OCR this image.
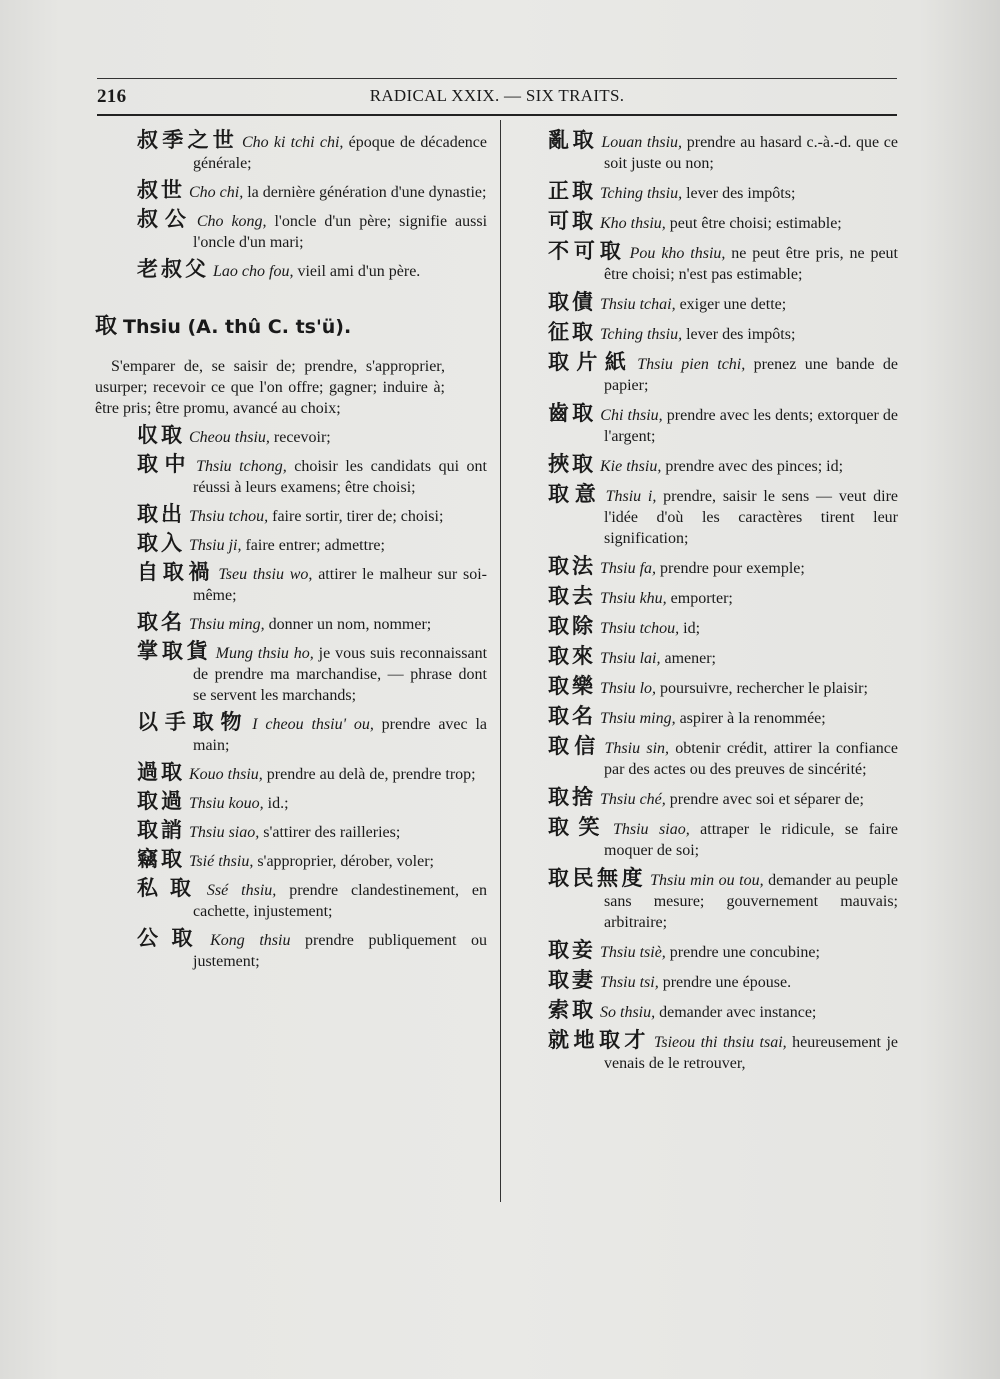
216	RADICAL XXIX. — SIX TRAITS.
叔季之世 Cho ki tchi chi, époque de décadence générale;
叔世 Cho chi, la dernière génération d'une dynastie;
叔公 Cho kong, l'oncle d'un père; signifie aussi l'oncle d'un mari;
老叔父 Lao cho fou, vieil ami d'un père.
取 Thsiu (A. thû C. ts'ü).
S'emparer de, se saisir de; prendre, s'approprier, usurper; recevoir ce que l'on offre; gagner; induire à; être pris; être promu, avancé au choix;
収取 Cheou thsiu, recevoir;
取中 Thsiu tchong, choisir les candidats qui ont réussi à leurs examens; être choisi;
取出 Thsiu tchou, faire sortir, tirer de; choisi;
取入 Thsiu ji, faire entrer; admettre;
自取禍 Tseu thsiu wo, attirer le malheur sur soi-même;
取名 Thsiu ming, donner un nom, nommer;
掌取貨 Mung thsiu ho, je vous suis reconnaissant de prendre ma marchandise, — phrase dont se servent les marchands;
以手取物 I cheou thsiu' ou, prendre avec la main;
過取 Kouo thsiu, prendre au delà de, prendre trop;
取過 Thsiu kouo, id.;
取誚 Thsiu siao, s'attirer des railleries;
竊取 Tsié thsiu, s'approprier, dérober, voler;
私取 Ssé thsiu, prendre clandestinement, en cachette, injustement;
公取 Kong thsiu prendre publiquement ou justement;
亂取 Louan thsiu, prendre au hasard c.-à.-d. que ce soit juste ou non;
正取 Tching thsiu, lever des impôts;
可取 Kho thsiu, peut être choisi; estimable;
不可取 Pou kho thsiu, ne peut être pris, ne peut être choisi; n'est pas estimable;
取債 Thsiu tchai, exiger une dette;
征取 Tching thsiu, lever des impôts;
取片紙 Thsiu pien tchi, prenez une bande de papier;
齒取 Chi thsiu, prendre avec les dents; extorquer de l'argent;
挾取 Kie thsiu, prendre avec des pinces; id;
取意 Thsiu i, prendre, saisir le sens — veut dire l'idée d'où les caractères tirent leur signification;
取法 Thsiu fa, prendre pour exemple;
取去 Thsiu khu, emporter;
取除 Thsiu tchou, id;
取來 Thsiu lai, amener;
取樂 Thsiu lo, poursuivre, rechercher le plaisir;
取名 Thsiu ming, aspirer à la renommée;
取信 Thsiu sin, obtenir crédit, attirer la confiance par des actes ou des preuves de sincérité;
取捨 Thsiu ché, prendre avec soi et séparer de;
取笑 Thsiu siao, attraper le ridicule, se faire moquer de soi;
取民無度 Thsiu min ou tou, demander au peuple sans mesure; gouvernement mauvais; arbitraire;
取妾 Thsiu tsiè, prendre une concubine;
取妻 Thsiu tsi, prendre une épouse.
索取 So thsiu, demander avec instance;
就地取才 Tsieou thi thsiu tsai, heureusement je venais de le retrouver,
